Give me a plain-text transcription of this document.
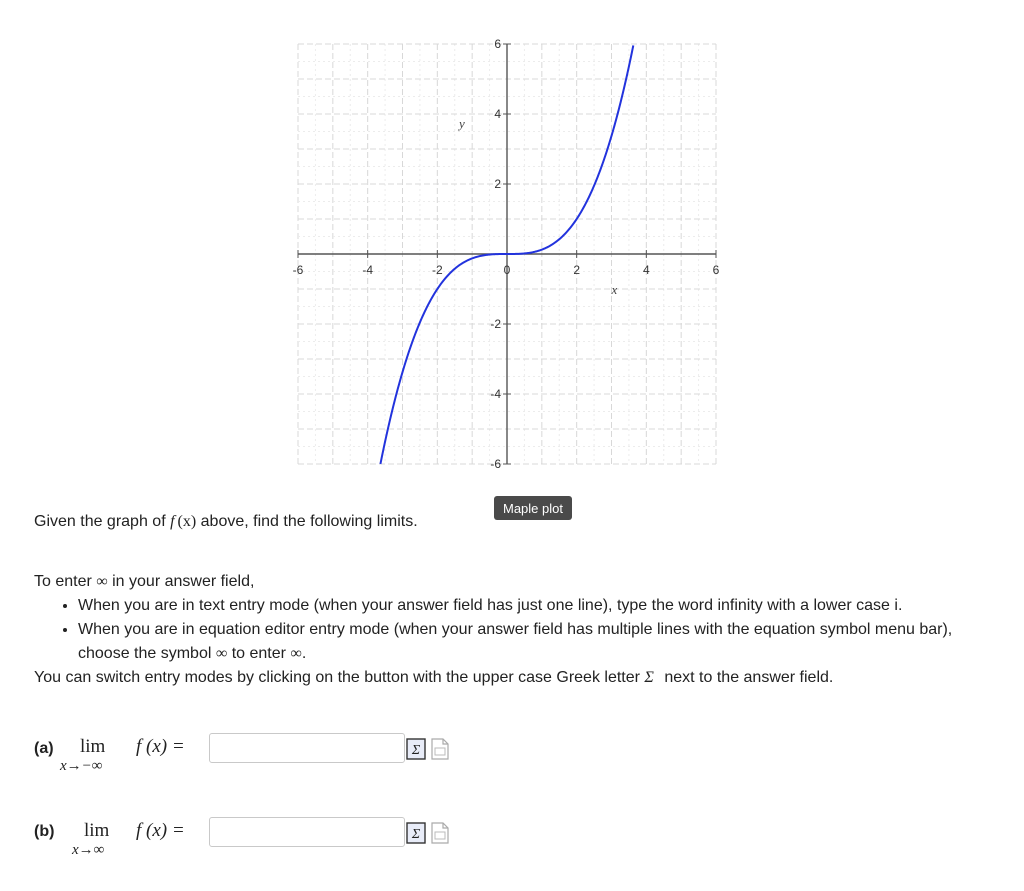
-6	-4	-2	0	2	4	6
6
4
2
-2
-4
-6
x
y
Maple plot
Given the graph of f (x) above, find the following limits.

To enter ∞ in your answer field,

• When you are in text entry mode (when your answer field has just one line), type the word infinity with a lower case i.
• When you are in equation editor entry mode (when your answer field has multiple lines with the equation symbol menu bar), choose the symbol ∞ to enter ∞.

You can switch entry modes by clicking on the button with the upper case Greek letter Σ next to the answer field.

(a) lim
x→−∞
f (x) =	Σ
(b) lim
x→∞
f (x) =	Σ
